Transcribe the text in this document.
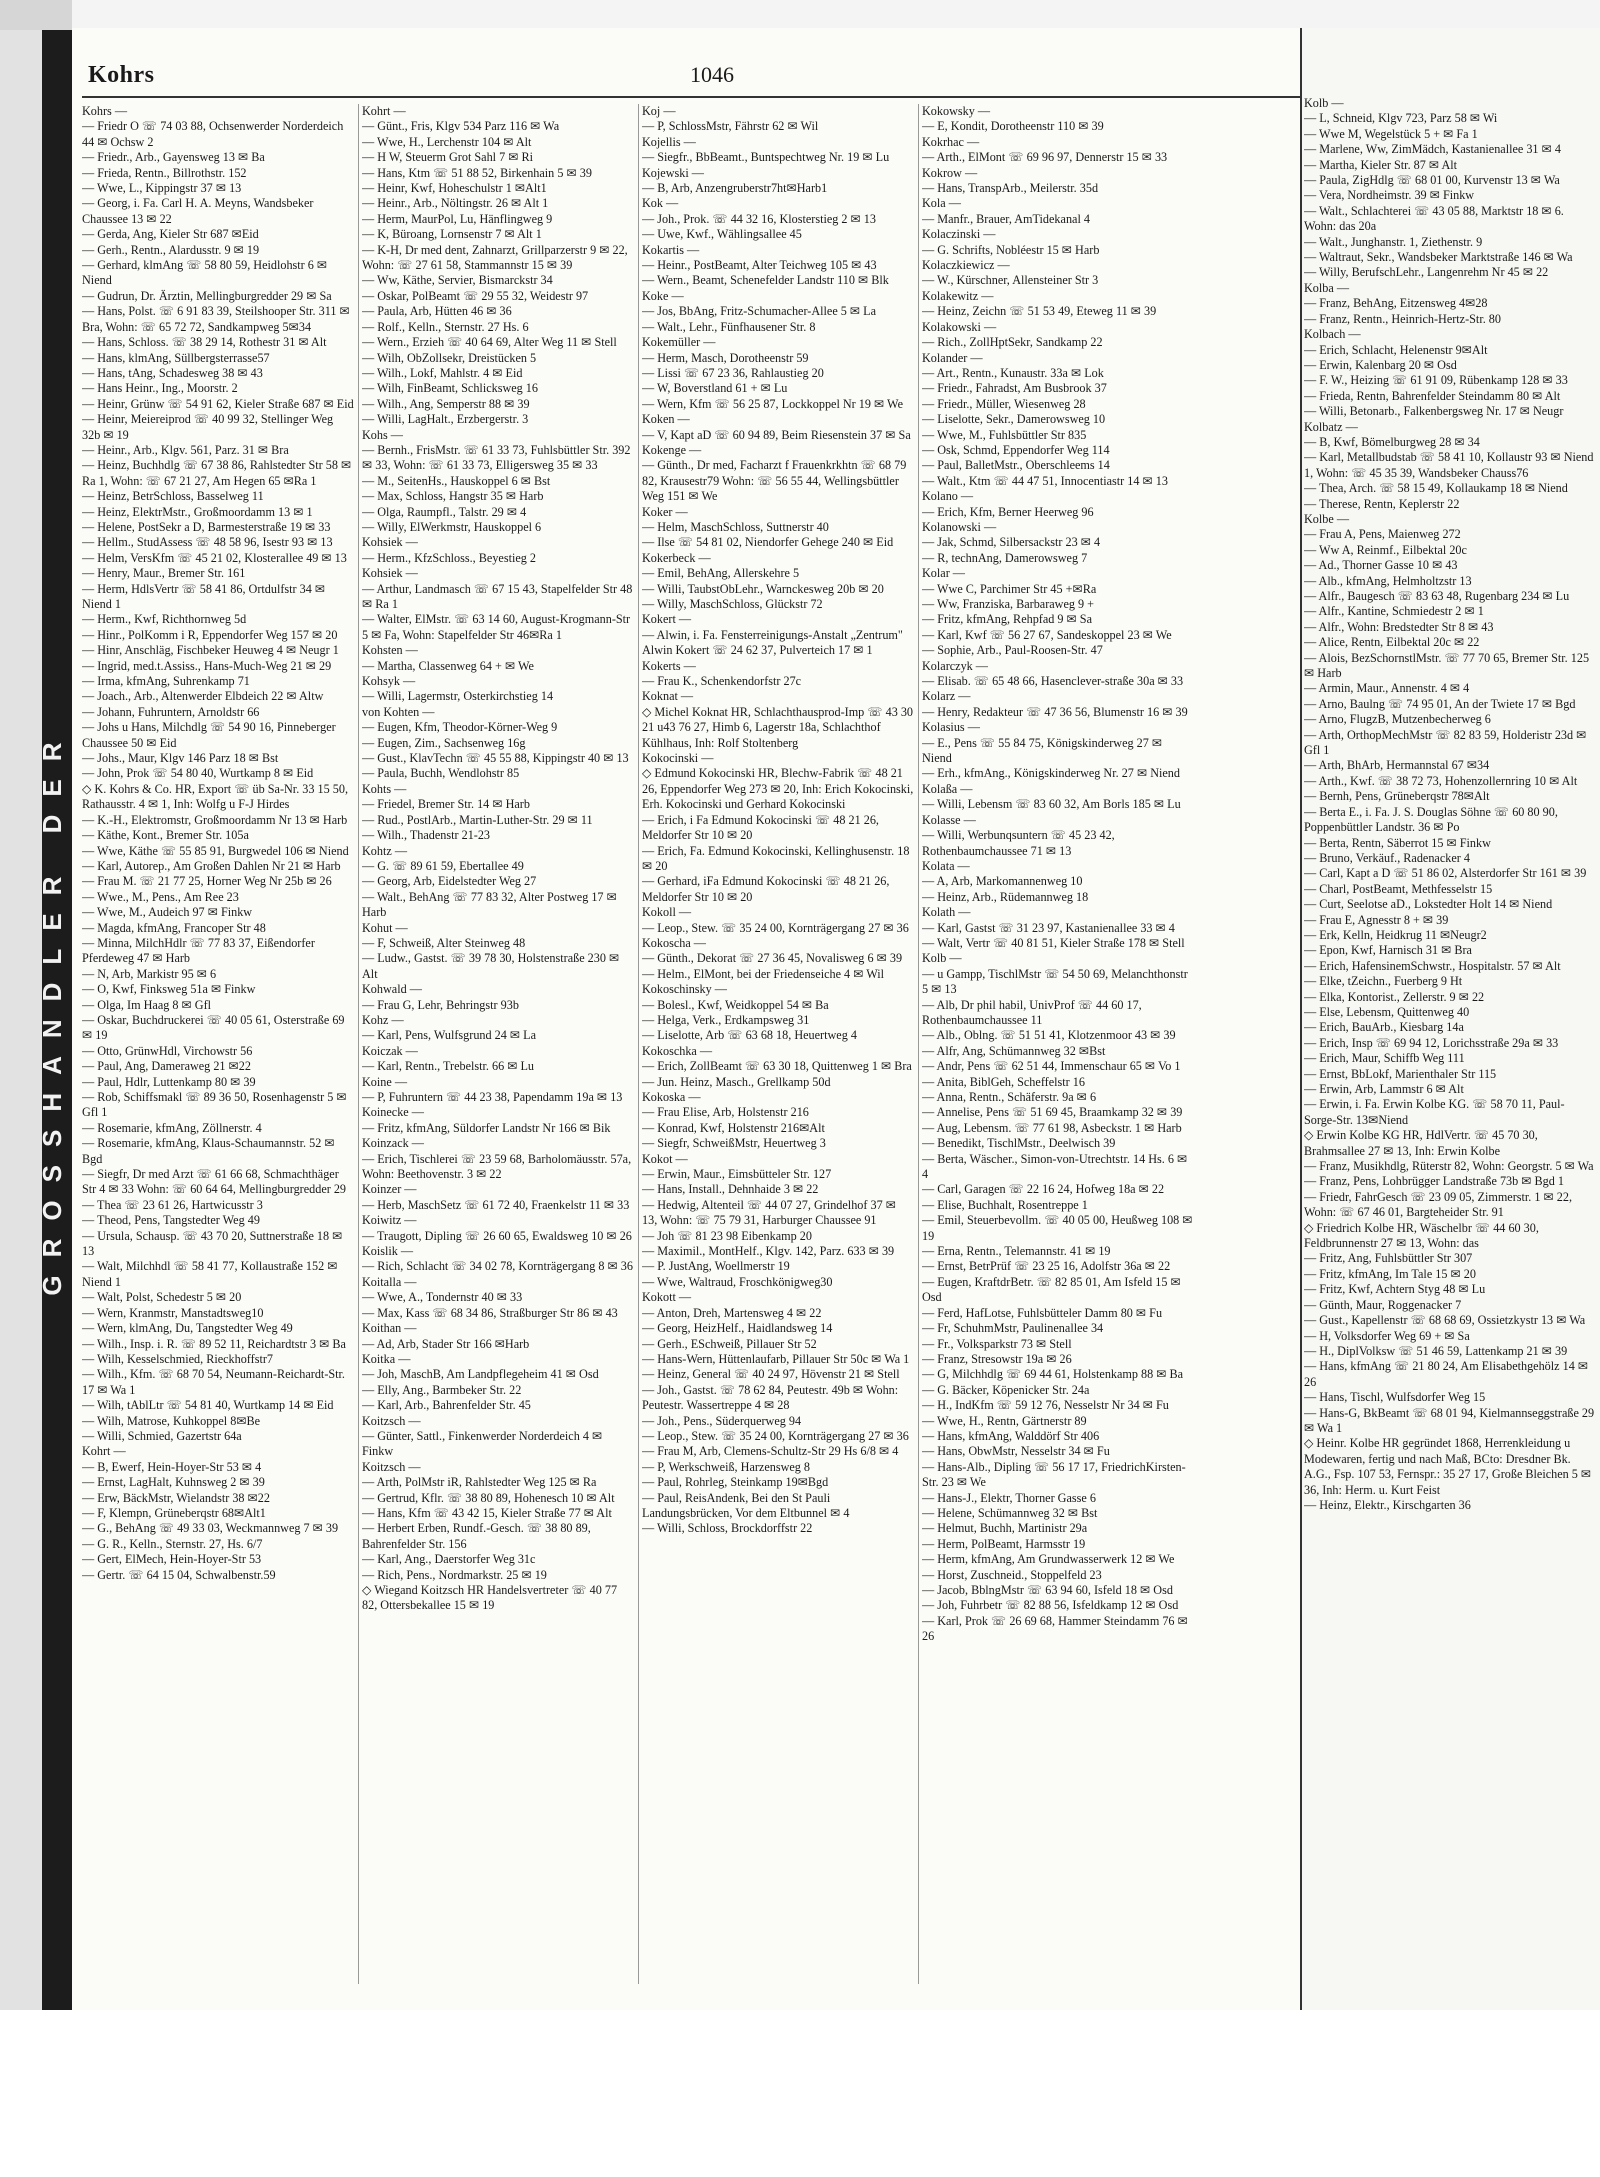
GROSSHANDLER DER
Kohrs	1046
Kohrs —
— Friedr O ☏ 74 03 88, Ochsenwerder Norderdeich 44 ✉ Ochsw 2
— Friedr., Arb., Gayensweg 13 ✉ Ba
— Frieda, Rentn., Billrothstr. 152
— Wwe, L., Kippingstr 37 ✉ 13
— Georg, i. Fa. Carl H. A. Meyns, Wandsbeker Chaussee 13 ✉ 22
— Gerda, Ang, Kieler Str 687 ✉Eid
— Gerh., Rentn., Alardusstr. 9 ✉ 19
— Gerhard, klmAng ☏ 58 80 59, Heidlohstr 6 ✉ Niend
— Gudrun, Dr. Ärztin, Mellingburgredder 29 ✉ Sa
— Hans, Polst. ☏ 6 91 83 39, Steilshooper Str. 311 ✉ Bra, Wohn: ☏ 65 72 72, Sandkampweg 5✉34
— Hans, Schloss. ☏ 38 29 14, Rothestr 31 ✉ Alt
— Hans, klmAng, Süllbergsterrasse57
— Hans, tAng, Schadesweg 38 ✉ 43
— Hans Heinr., Ing., Moorstr. 2
— Heinr, Grünw ☏ 54 91 62, Kieler Straße 687 ✉ Eid
— Heinr, Meiereiprod ☏ 40 99 32, Stellinger Weg 32b ✉ 19
— Heinr., Arb., Klgv. 561, Parz. 31 ✉ Bra
— Heinz, Buchhdlg ☏ 67 38 86, Rahlstedter Str 58 ✉ Ra 1, Wohn: ☏ 67 21 27, Am Hegen 65 ✉Ra 1
— Heinz, BetrSchloss, Basselweg 11
— Heinz, ElektrMstr., Großmoordamm 13 ✉ 1
— Helene, PostSekr a D, Barmesterstraße 19 ✉ 33
— Hellm., StudAssess ☏ 48 58 96, Isestr 93 ✉ 13
— Helm, VersKfm ☏ 45 21 02, Klosterallee 49 ✉ 13
— Henry, Maur., Bremer Str. 161
— Herm, HdlsVertr ☏ 58 41 86, Ortdulfstr 34 ✉ Niend 1
— Herm., Kwf, Richthornweg 5d
— Hinr., PolKomm i R, Eppendorfer Weg 157 ✉ 20
— Hinr, Anschläg, Fischbeker Heuweg 4 ✉ Neugr 1
— Ingrid, med.t.Assiss., Hans-Much-Weg 21 ✉ 29
— Irma, kfmAng, Suhrenkamp 71
— Joach., Arb., Altenwerder Elbdeich 22 ✉ Altw
— Johann, Fuhruntern, Arnoldstr 66
— Johs u Hans, Milchdlg ☏ 54 90 16, Pinneberger Chaussee 50 ✉ Eid
— Johs., Maur, Klgv 146 Parz 18 ✉ Bst
— John, Prok ☏ 54 80 40, Wurtkamp 8 ✉ Eid
◇ K. Kohrs & Co. HR, Export ☏ üb Sa-Nr. 33 15 50, Rathausstr. 4 ✉ 1, Inh: Wolfg u F-J Hirdes
— K.-H., Elektromstr, Großmoordamm Nr 13 ✉ Harb
— Käthe, Kont., Bremer Str. 105a
— Wwe, Käthe ☏ 55 85 91, Burgwedel 106 ✉ Niend
— Karl, Autorep., Am Großen Dahlen Nr 21 ✉ Harb
— Frau M. ☏ 21 77 25, Horner Weg Nr 25b ✉ 26
— Wwe., M., Pens., Am Ree 23
— Wwe, M., Audeich 97 ✉ Finkw
— Magda, kfmAng, Francoper Str 48
— Minna, MilchHdlr ☏ 77 83 37, Eißendorfer Pferdeweg 47 ✉ Harb
— N, Arb, Markistr 95 ✉ 6
— O, Kwf, Finksweg 51a ✉ Finkw
— Olga, Im Haag 8 ✉ Gfl
— Oskar, Buchdruckerei ☏ 40 05 61, Osterstraße 69 ✉ 19
— Otto, GrünwHdl, Virchowstr 56
— Paul, Ang, Dameraweg 21 ✉22
— Paul, Hdlr, Luttenkamp 80 ✉ 39
— Rob, Schiffsmakl ☏ 89 36 50, Rosenhagenstr 5 ✉ Gfl 1
— Rosemarie, kfmAng, Zöllnerstr. 4
— Rosemarie, kfmAng, Klaus-Schaumannstr. 52 ✉ Bgd
— Siegfr, Dr med Arzt ☏ 61 66 68, Schmachthäger Str 4 ✉ 33 Wohn: ☏ 60 64 64, Mellingburgredder 29
— Thea ☏ 23 61 26, Hartwicusstr 3
— Theod, Pens, Tangstedter Weg 49
— Ursula, Schausp. ☏ 43 70 20, Suttnerstraße 18 ✉ 13
— Walt, Milchhdl ☏ 58 41 77, Kollaustraße 152 ✉ Niend 1
— Walt, Polst, Schedestr 5 ✉ 20
— Wern, Kranmstr, Manstadtsweg10
— Wern, klmAng, Du, Tangstedter Weg 49
— Wilh., Insp. i. R. ☏ 89 52 11, Reichardtstr 3 ✉ Ba
— Wilh, Kesselschmied, Rieckhoffstr7
— Wilh., Kfm. ☏ 68 70 54, Neumann-Reichardt-Str. 17 ✉ Wa 1
— Wilh, tAblLtr ☏ 54 81 40, Wurtkamp 14 ✉ Eid
— Wilh, Matrose, Kuhkoppel 8✉Be
— Willi, Schmied, Gazertstr 64a
Kohrt —
— B, Ewerf, Hein-Hoyer-Str 53 ✉ 4
— Ernst, LagHalt, Kuhnsweg 2 ✉ 39
— Erw, BäckMstr, Wielandstr 38 ✉22
— F, Klempn, Grüneberqstr 68✉Alt1
— G., BehAng ☏ 49 33 03, Weckmannweg 7 ✉ 39
— G. R., Kelln., Sternstr. 27, Hs. 6/7
— Gert, ElMech, Hein-Hoyer-Str 53
— Gertr. ☏ 64 15 04, Schwalbenstr.59
Kohrt —
— Günt., Fris, Klgv 534 Parz 116 ✉ Wa
— Wwe, H., Lerchenstr 104 ✉ Alt
— H W, Steuerm Grot Sahl 7 ✉ Ri
— Hans, Ktm ☏ 51 88 52, Birkenhain 5 ✉ 39
— Heinr, Kwf, Hoheschulstr 1 ✉Alt1
— Heinr., Arb., Nöltingstr. 26 ✉ Alt 1
— Herm, MaurPol, Lu, Hänflingweg 9
— K, Büroang, Lornsenstr 7 ✉ Alt 1
— K-H, Dr med dent, Zahnarzt, Grillparzerstr 9 ✉ 22, Wohn: ☏ 27 61 58, Stammannstr 15 ✉ 39
— Ww, Käthe, Servier, Bismarckstr 34
— Oskar, PolBeamt ☏ 29 55 32, Weidestr 97
— Paula, Arb, Hütten 46 ✉ 36
— Rolf., Kelln., Sternstr. 27 Hs. 6
— Wern., Erzieh ☏ 40 64 69, Alter Weg 11 ✉ Stell
— Wilh, ObZollsekr, Dreistücken 5
— Wilh., Lokf, Mahlstr. 4 ✉ Eid
— Wilh, FinBeamt, Schlicksweg 16
— Wilh., Ang, Semperstr 88 ✉ 39
— Willi, LagHalt., Erzbergerstr. 3
Kohs —
— Bernh., FrisMstr. ☏ 61 33 73, Fuhlsbüttler Str. 392 ✉ 33, Wohn: ☏ 61 33 73, Elligersweg 35 ✉ 33
— M., SeitenHs., Hauskoppel 6 ✉ Bst
— Max, Schloss, Hangstr 35 ✉ Harb
— Olga, Raumpfl., Talstr. 29 ✉ 4
— Willy, ElWerkmstr, Hauskoppel 6
Kohsiek —
— Herm., KfzSchloss., Beyestieg 2
Kohsiek —
— Arthur, Landmasch ☏ 67 15 43, Stapelfelder Str 48 ✉ Ra 1
— Walter, ElMstr. ☏ 63 14 60, August-Krogmann-Str 5 ✉ Fa, Wohn: Stapelfelder Str 46✉Ra 1
Kohsten —
— Martha, Classenweg 64 + ✉ We
Kohsyk —
— Willi, Lagermstr, Osterkirchstieg 14
von Kohten —
— Eugen, Kfm, Theodor-Körner-Weg 9
— Eugen, Zim., Sachsenweg 16g
— Gust., KlavTechn ☏ 45 55 88, Kippingstr 40 ✉ 13
— Paula, Buchh, Wendlohstr 85
Kohts —
— Friedel, Bremer Str. 14 ✉ Harb
— Rud., PostlArb., Martin-Luther-Str. 29 ✉ 11
— Wilh., Thadenstr 21-23
Kohtz —
— G. ☏ 89 61 59, Ebertallee 49
— Georg, Arb, Eidelstedter Weg 27
— Walt., BehAng ☏ 77 83 32, Alter Postweg 17 ✉ Harb
Kohut —
— F, Schweiß, Alter Steinweg 48
— Ludw., Gastst. ☏ 39 78 30, Holstenstraße 230 ✉ Alt
Kohwald —
— Frau G, Lehr, Behringstr 93b
Kohz —
— Karl, Pens, Wulfsgrund 24 ✉ La
Koiczak —
— Karl, Rentn., Trebelstr. 66 ✉ Lu
Koine —
— P, Fuhruntern ☏ 44 23 38, Papendamm 19a ✉ 13
Koinecke —
— Fritz, kfmAng, Süldorfer Landstr Nr 166 ✉ Bik
Koinzack —
— Erich, Tischlerei ☏ 23 59 68, Barholomäusstr. 57a, Wohn: Beethovenstr. 3 ✉ 22
Koinzer —
— Herb, MaschSetz ☏ 61 72 40, Fraenkelstr 11 ✉ 33
Koiwitz —
— Traugott, Dipling ☏ 26 60 65, Ewaldsweg 10 ✉ 26
Koislik —
— Rich, Schlacht ☏ 34 02 78, Kornträgergang 8 ✉ 36
Koitalla —
— Wwe, A., Tondernstr 40 ✉ 33
— Max, Kass ☏ 68 34 86, Straßburger Str 86 ✉ 43
Koithan —
— Ad, Arb, Stader Str 166 ✉Harb
Koitka —
— Joh, MaschB, Am Landpflegeheim 41 ✉ Osd
— Elly, Ang., Barmbeker Str. 22
— Karl, Arb., Bahrenfelder Str. 45
Koitzsch —
— Günter, Sattl., Finkenwerder Norderdeich 4 ✉ Finkw
Koitzsch —
— Arth, PolMstr iR, Rahlstedter Weg 125 ✉ Ra
— Gertrud, Kflr. ☏ 38 80 89, Hohenesch 10 ✉ Alt
— Hans, Kfm ☏ 43 42 15, Kieler Straße 77 ✉ Alt
— Herbert Erben, Rundf.-Gesch. ☏ 38 80 89, Bahrenfelder Str. 156
— Karl, Ang., Daerstorfer Weg 31c
— Rich, Pens., Nordmarkstr. 25 ✉ 19
◇ Wiegand Koitzsch HR Handelsvertreter ☏ 40 77 82, Ottersbekallee 15 ✉ 19
Koj —
— P, SchlossMstr, Fährstr 62 ✉ Wil
Kojellis —
— Siegfr., BbBeamt., Buntspechtweg Nr. 19 ✉ Lu
Kojewski —
— B, Arb, Anzengruberstr7ht✉Harb1
Kok —
— Joh., Prok. ☏ 44 32 16, Klosterstieg 2 ✉ 13
— Uwe, Kwf., Wählingsallee 45
Kokartis —
— Heinr., PostBeamt, Alter Teichweg 105 ✉ 43
— Wern., Beamt, Schenefelder Landstr 110 ✉ Blk
Koke —
— Jos, BbAng, Fritz-Schumacher-Allee 5 ✉ La
— Walt., Lehr., Fünfhausener Str. 8
Kokemüller —
— Herm, Masch, Dorotheenstr 59
— Lissi ☏ 67 23 36, Rahlaustieg 20
— W, Boverstland 61 + ✉ Lu
— Wern, Kfm ☏ 56 25 87, Lockkoppel Nr 19 ✉ We
Koken —
— V, Kapt aD ☏ 60 94 89, Beim Riesenstein 37 ✉ Sa
Kokenge —
— Günth., Dr med, Facharzt f Frauenkrkhtn ☏ 68 79 82, Krausestr79 Wohn: ☏ 56 55 44, Wellingsbüttler Weg 151 ✉ We
Koker —
— Helm, MaschSchloss, Suttnerstr 40
— Ilse ☏ 54 81 02, Niendorfer Gehege 240 ✉ Eid
Kokerbeck —
— Emil, BehAng, Allerskehre 5
— Willi, TaubstObLehr., Warnckesweg 20b ✉ 20
— Willy, MaschSchloss, Glückstr 72
Kokert —
— Alwin, i. Fa. Fensterreinigungs-Anstalt „Zentrum" Alwin Kokert ☏ 24 62 37, Pulverteich 17 ✉ 1
Kokerts —
— Frau K., Schenkendorfstr 27c
Koknat —
◇ Michel Koknat HR, Schlachthausprod-Imp ☏ 43 30 21 u43 76 27, Himb 6, Lagerstr 18a, Schlachthof Kühlhaus, Inh: Rolf Stoltenberg
Kokocinski —
◇ Edmund Kokocinski HR, Blechw-Fabrik ☏ 48 21 26, Eppendorfer Weg 273 ✉ 20, Inh: Erich Kokocinski, Erh. Kokocinski und Gerhard Kokocinski
— Erich, i Fa Edmund Kokocinski ☏ 48 21 26, Meldorfer Str 10 ✉ 20
— Erich, Fa. Edmund Kokocinski, Kellinghusenstr. 18 ✉ 20
— Gerhard, iFa Edmund Kokocinski ☏ 48 21 26, Meldorfer Str 10 ✉ 20
Kokoll —
— Leop., Stew. ☏ 35 24 00, Kornträgergang 27 ✉ 36
Kokoscha —
— Günth., Dekorat ☏ 27 36 45, Novalisweg 6 ✉ 39
— Helm., ElMont, bei der Friedenseiche 4 ✉ Wil
Kokoschinsky —
— Bolesl., Kwf, Weidkoppel 54 ✉ Ba
— Helga, Verk., Erdkampsweg 31
— Liselotte, Arb ☏ 63 68 18, Heuertweg 4
Kokoschka —
— Erich, ZollBeamt ☏ 63 30 18, Quittenweg 1 ✉ Bra
— Jun. Heinz, Masch., Grellkamp 50d
Kokoska —
— Frau Elise, Arb, Holstenstr 216
— Konrad, Kwf, Holstenstr 216✉Alt
— Siegfr, SchweißMstr, Heuertweg 3
Kokot —
— Erwin, Maur., Eimsbütteler Str. 127
— Hans, Install., Dehnhaide 3 ✉ 22
— Hedwig, Altenteil ☏ 44 07 27, Grindelhof 37 ✉ 13, Wohn: ☏ 75 79 31, Harburger Chaussee 91
— Joh ☏ 81 23 98 Eibenkamp 20
— Maximil., MontHelf., Klgv. 142, Parz. 633 ✉ 39
— P. JustAng, Woellmerstr 19
— Wwe, Waltraud, Froschkönigweg30
Kokott —
— Anton, Dreh, Martensweg 4 ✉ 22
— Georg, HeizHelf., Haidlandsweg 14
— Gerh., ESchweiß, Pillauer Str 52
— Hans-Wern, Hüttenlaufarb, Pillauer Str 50c ✉ Wa 1
— Heinz, General ☏ 40 24 97, Hövenstr 21 ✉ Stell
— Joh., Gastst. ☏ 78 62 84, Peutestr. 49b ✉ Wohn: Peutestr. Wassertreppe 4 ✉ 28
— Joh., Pens., Süderquerweg 94
— Leop., Stew. ☏ 35 24 00, Kornträgergang 27 ✉ 36
— Frau M, Arb, Clemens-Schultz-Str 29 Hs 6/8 ✉ 4
— P, Werkschweiß, Harzensweg 8
— Paul, Rohrleg, Steinkamp 19✉Bgd
— Paul, ReisAndenk, Bei den St Pauli Landungsbrücken, Vor dem Eltbunnel ✉ 4
— Willi, Schloss, Brockdorffstr 22
Kokowsky —
— E, Kondit, Dorotheenstr 110 ✉ 39
Kokrhac —
— Arth., ElMont ☏ 69 96 97, Dennerstr 15 ✉ 33
Kokrow —
— Hans, TranspArb., Meilerstr. 35d
Kola —
— Manfr., Brauer, AmTidekanal 4
Kolaczinski —
— G. Schrifts, Nobléestr 15 ✉ Harb
Kolaczkiewicz —
— W., Kürschner, Allensteiner Str 3
Kolakewitz —
— Heinz, Zeichn ☏ 51 53 49, Eteweg 11 ✉ 39
Kolakowski —
— Rich., ZollHptSekr, Sandkamp 22
Kolander —
— Art., Rentn., Kunaustr. 33a ✉ Lok
— Friedr., Fahradst, Am Busbrook 37
— Friedr., Müller, Wiesenweg 28
— Liselotte, Sekr., Damerowsweg 10
— Wwe, M., Fuhlsbüttler Str 835
— Osk, Schmd, Eppendorfer Weg 114
— Paul, BalletMstr., Oberschleems 14
— Walt., Ktm ☏ 44 47 51, Innocentiastr 14 ✉ 13
Kolano —
— Erich, Kfm, Berner Heerweg 96
Kolanowski —
— Jak, Schmd, Silbersackstr 23 ✉ 4
— R, technAng, Damerowsweg 7
Kolar —
— Wwe C, Parchimer Str 45 +✉Ra
— Ww, Franziska, Barbaraweg 9 +
— Fritz, kfmAng, Rehpfad 9 ✉ Sa
— Karl, Kwf ☏ 56 27 67, Sandeskoppel 23 ✉ We
— Sophie, Arb., Paul-Roosen-Str. 47
Kolarczyk —
— Elisab. ☏ 65 48 66, Hasenclever-straße 30a ✉ 33
Kolarz —
— Henry, Redakteur ☏ 47 36 56, Blumenstr 16 ✉ 39
Kolasius —
— E., Pens ☏ 55 84 75, Königskinderweg 27 ✉ Niend
— Erh., kfmAng., Königskinderweg Nr. 27 ✉ Niend
Kolaßa —
— Willi, Lebensm ☏ 83 60 32, Am Borls 185 ✉ Lu
Kolasse —
— Willi, Werbunqsuntern ☏ 45 23 42, Rothenbaumchaussee 71 ✉ 13
Kolata —
— A, Arb, Markomannenweg 10
— Heinz, Arb., Rüdemannweg 18
Kolath —
— Karl, Gastst ☏ 31 23 97, Kastanienallee 33 ✉ 4
— Walt, Vertr ☏ 40 81 51, Kieler Straße 178 ✉ Stell
Kolb —
— u Gampp, TischlMstr ☏ 54 50 69, Melanchthonstr 5 ✉ 13
— Alb, Dr phil habil, UnivProf ☏ 44 60 17, Rothenbaumchaussee 11
— Alb., Oblng. ☏ 51 51 41, Klotzenmoor 43 ✉ 39
— Alfr, Ang, Schümannweg 32 ✉Bst
— Andr, Pens ☏ 62 51 44, Immenschaur 65 ✉ Vo 1
— Anita, BiblGeh, Scheffelstr 16
— Anna, Rentn., Schäferstr. 9a ✉ 6
— Annelise, Pens ☏ 51 69 45, Braamkamp 32 ✉ 39
— Aug, Lebensm. ☏ 77 61 98, Asbeckstr. 1 ✉ Harb
— Benedikt, TischlMstr., Deelwisch 39
— Berta, Wäscher., Simon-von-Utrechtstr. 14 Hs. 6 ✉ 4
— Carl, Garagen ☏ 22 16 24, Hofweg 18a ✉ 22
— Elise, Buchhalt, Rosentreppe 1
— Emil, Steuerbevollm. ☏ 40 05 00, Heußweg 108 ✉ 19
— Erna, Rentn., Telemannstr. 41 ✉ 19
— Ernst, BetrPrüf ☏ 23 25 16, Adolfstr 36a ✉ 22
— Eugen, KraftdrBetr. ☏ 82 85 01, Am Isfeld 15 ✉ Osd
— Ferd, HafLotse, Fuhlsbütteler Damm 80 ✉ Fu
— Fr, SchuhmMstr, Paulinenallee 34
— Fr., Volksparkstr 73 ✉ Stell
— Franz, Stresowstr 19a ✉ 26
— G, Milchhdlg ☏ 69 44 61, Holstenkamp 88 ✉ Ba
— G. Bäcker, Köpenicker Str. 24a
— H., IndKfm ☏ 59 12 76, Nesselstr Nr 34 ✉ Fu
— Wwe, H., Rentn, Gärtnerstr 89
— Hans, kfmAng, Walddörf Str 406
— Hans, ObwMstr, Nesselstr 34 ✉ Fu
— Hans-Alb., Dipling ☏ 56 17 17, FriedrichKirsten-Str. 23 ✉ We
— Hans-J., Elektr, Thorner Gasse 6
— Helene, Schümannweg 32 ✉ Bst
— Helmut, Buchh, Martinistr 29a
— Herm, PolBeamt, Harmsstr 19
— Herm, kfmAng, Am Grundwasserwerk 12 ✉ We
— Horst, Zuschneid., Stoppelfeld 23
— Jacob, BblngMstr ☏ 63 94 60, Isfeld 18 ✉ Osd
— Joh, Fuhrbetr ☏ 82 88 56, Isfeldkamp 12 ✉ Osd
— Karl, Prok ☏ 26 69 68, Hammer Steindamm 76 ✉ 26
Kolb —
— L, Schneid, Klgv 723, Parz 58 ✉ Wi
— Wwe M, Wegelstück 5 + ✉ Fa 1
— Marlene, Ww, ZimMädch, Kastanienallee 31 ✉ 4
— Martha, Kieler Str. 87 ✉ Alt
— Paula, ZigHdlg ☏ 68 01 00, Kurvenstr 13 ✉ Wa
— Vera, Nordheimstr. 39 ✉ Finkw
— Walt., Schlachterei ☏ 43 05 88, Marktstr 18 ✉ 6. Wohn: das 20a
— Walt., Junghanstr. 1, Ziethenstr. 9
— Waltraut, Sekr., Wandsbeker Marktstraße 146 ✉ Wa
— Willy, BerufschLehr., Langenrehm Nr 45 ✉ 22
Kolba —
— Franz, BehAng, Eitzensweg 4✉28
— Franz, Rentn., Heinrich-Hertz-Str. 80
Kolbach —
— Erich, Schlacht, Helenenstr 9✉Alt
— Erwin, Kalenbarg 20 ✉ Osd
— F. W., Heizing ☏ 61 91 09, Rübenkamp 128 ✉ 33
— Frieda, Rentn, Bahrenfelder Steindamm 80 ✉ Alt
— Willi, Betonarb., Falkenbergsweg Nr. 17 ✉ Neugr
Kolbatz —
— B, Kwf, Bömelburgweg 28 ✉ 34
— Karl, Metallbudstab ☏ 58 41 10, Kollaustr 93 ✉ Niend 1, Wohn: ☏ 45 35 39, Wandsbeker Chauss76
— Thea, Arch. ☏ 58 15 49, Kollaukamp 18 ✉ Niend
— Therese, Rentn, Keplerstr 22
Kolbe —
— Frau A, Pens, Maienweg 272
— Ww A, Reinmf., Eilbektal 20c
— Ad., Thorner Gasse 10 ✉ 43
— Alb., kfmAng, Helmholtzstr 13
— Alfr., Baugesch ☏ 83 63 48, Rugenbarg 234 ✉ Lu
— Alfr., Kantine, Schmiedestr 2 ✉ 1
— Alfr., Wohn: Bredstedter Str 8 ✉ 43
— Alice, Rentn, Eilbektal 20c ✉ 22
— Alois, BezSchornstlMstr. ☏ 77 70 65, Bremer Str. 125 ✉ Harb
— Armin, Maur., Annenstr. 4 ✉ 4
— Arno, Baulng ☏ 74 95 01, An der Twiete 17 ✉ Bgd
— Arno, FlugzB, Mutzenbecherweg 6
— Arth, OrthopMechMstr ☏ 82 83 59, Holderistr 23d ✉ Gfl 1
— Arth, BhArb, Hermannstal 67 ✉34
— Arth., Kwf. ☏ 38 72 73, Hohenzollernring 10 ✉ Alt
— Bernh, Pens, Grüneberqstr 78✉Alt
— Berta E., i. Fa. J. S. Douglas Söhne ☏ 60 80 90, Poppenbüttler Landstr. 36 ✉ Po
— Berta, Rentn, Säberrot 15 ✉ Finkw
— Bruno, Verkäuf., Radenacker 4
— Carl, Kapt a D ☏ 51 86 02, Alsterdorfer Str 161 ✉ 39
— Charl, PostBeamt, Methfesselstr 15
— Curt, Seelotse aD., Lokstedter Holt 14 ✉ Niend
— Frau E, Agnesstr 8 + ✉ 39
— Erk, Kelln, Heidkrug 11 ✉Neugr2
— Epon, Kwf, Harnisch 31 ✉ Bra
— Erich, HafensinemSchwstr., Hospitalstr. 57 ✉ Alt
— Elke, tZeichn., Fuerberg 9 Ht
— Elka, Kontorist., Zellerstr. 9 ✉ 22
— Else, Lebensm, Quittenweg 40
— Erich, BauArb., Kiesbarg 14a
— Erich, Insp ☏ 69 94 12, Lorichsstraße 29a ✉ 33
— Erich, Maur, Schiffb Weg 111
— Ernst, BbLokf, Marienthaler Str 115
— Erwin, Arb, Lammstr 6 ✉ Alt
— Erwin, i. Fa. Erwin Kolbe KG. ☏ 58 70 11, Paul-Sorge-Str. 13✉Niend
◇ Erwin Kolbe KG HR, HdlVertr. ☏ 45 70 30, Brahmsallee 27 ✉ 13, Inh: Erwin Kolbe
— Franz, Musikhdlg, Rüterstr 82, Wohn: Georgstr. 5 ✉ Wa
— Franz, Pens, Lohbrügger Landstraße 73b ✉ Bgd 1
— Friedr, FahrGesch ☏ 23 09 05, Zimmerstr. 1 ✉ 22, Wohn: ☏ 67 46 01, Bargteheider Str. 91
◇ Friedrich Kolbe HR, Wäschelbr ☏ 44 60 30, Feldbrunnenstr 27 ✉ 13, Wohn: das
— Fritz, Ang, Fuhlsbüttler Str 307
— Fritz, kfmAng, Im Tale 15 ✉ 20
— Fritz, Kwf, Achtern Styg 48 ✉ Lu
— Günth, Maur, Roggenacker 7
— Gust., Kapellenstr ☏ 68 68 69, Ossietzkystr 13 ✉ Wa
— H, Volksdorfer Weg 69 + ✉ Sa
— H., DiplVolksw ☏ 51 46 59, Lattenkamp 21 ✉ 39
— Hans, kfmAng ☏ 21 80 24, Am Elisabethgehölz 14 ✉ 26
— Hans, Tischl, Wulfsdorfer Weg 15
— Hans-G, BkBeamt ☏ 68 01 94, Kielmannseggstraße 29 ✉ Wa 1
◇ Heinr. Kolbe HR gegründet 1868, Herrenkleidung u Modewaren, fertig und nach Maß, BCto: Dresdner Bk. A.G., Fsp. 107 53, Fernspr.: 35 27 17, Große Bleichen 5 ✉ 36, Inh: Herm. u. Kurt Feist
— Heinz, Elektr., Kirschgarten 36
